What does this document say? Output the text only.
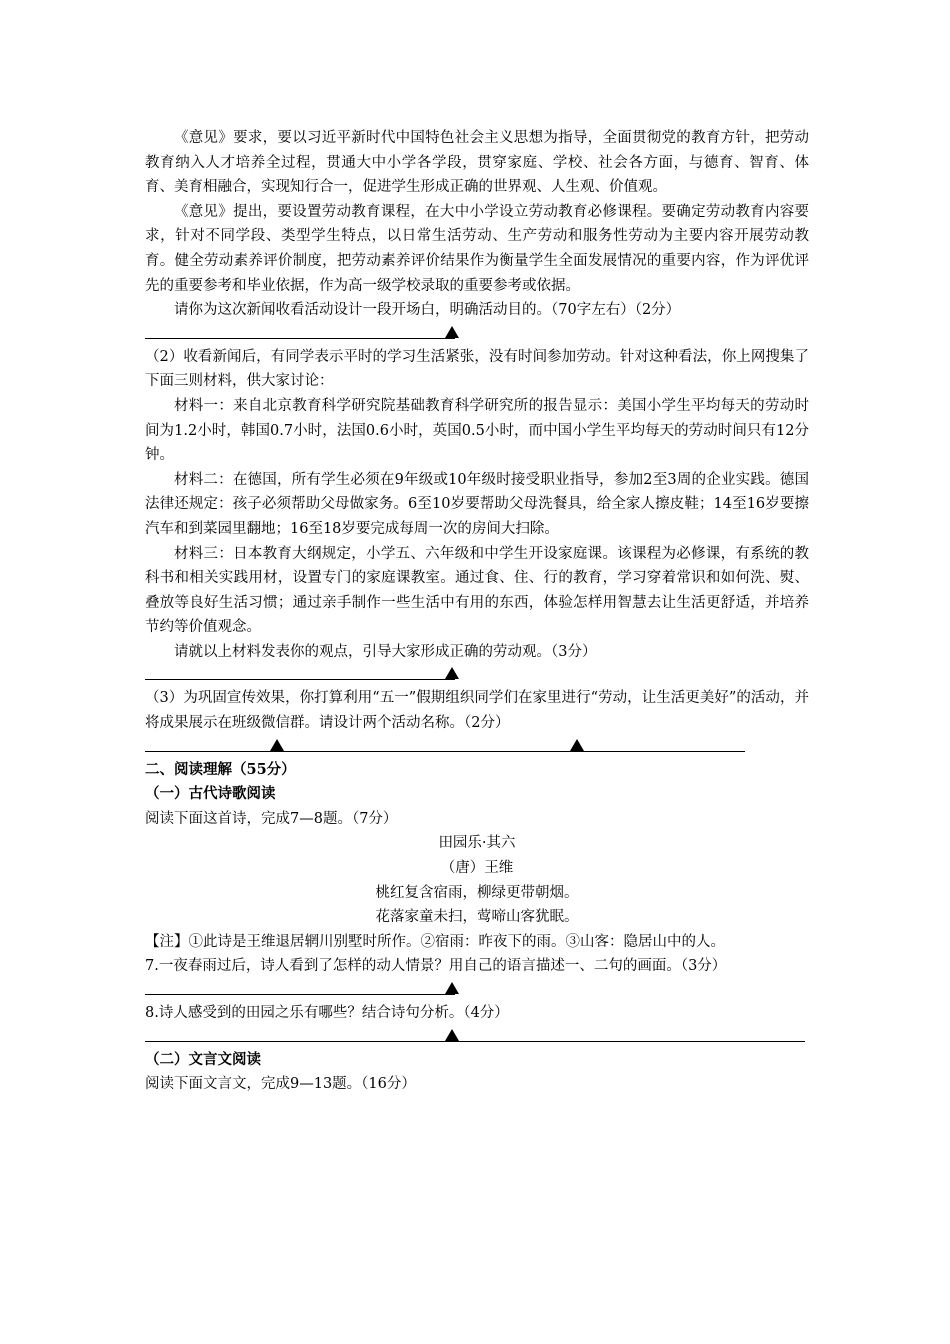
《意见》要求，要以习近平新时代中国特色社会主义思想为指导，全面贯彻党的教育方针，把劳动教育纳入人才培养全过程，贯通大中小学各学段，贯穿家庭、学校、社会各方面，与德育、智育、体育、美育相融合，实现知行合一，促进学生形成正确的世界观、人生观、价值观。

《意见》提出，要设置劳动教育课程，在大中小学设立劳动教育必修课程。要确定劳动教育内容要求，针对不同学段、类型学生特点，以日常生活劳动、生产劳动和服务性劳动为主要内容开展劳动教育。健全劳动素养评价制度，把劳动素养评价结果作为衡量学生全面发展情况的重要内容，作为评优评先的重要参考和毕业依据，作为高一级学校录取的重要参考或依据。

请你为这次新闻收看活动设计一段开场白，明确活动目的。（70字左右）（2分）

（2）收看新闻后，有同学表示平时的学习生活紧张，没有时间参加劳动。针对这种看法，你上网搜集了下面三则材料，供大家讨论：

材料一：来自北京教育科学研究院基础教育科学研究所的报告显示：美国小学生平均每天的劳动时间为1.2小时，韩国0.7小时，法国0.6小时，英国0.5小时，而中国小学生平均每天的劳动时间只有12分钟。

材料二：在德国，所有学生必须在9年级或10年级时接受职业指导，参加2至3周的企业实践。德国法律还规定：孩子必须帮助父母做家务。6至10岁要帮助父母洗餐具，给全家人擦皮鞋；14至16岁要擦汽车和到菜园里翻地；16至18岁要完成每周一次的房间大扫除。

材料三：日本教育大纲规定，小学五、六年级和中学生开设家庭课。该课程为必修课，有系统的教科书和相关实践用材，设置专门的家庭课教室。通过食、住、行的教育，学习穿着常识和如何洗、熨、叠放等良好生活习惯；通过亲手制作一些生活中有用的东西，体验怎样用智慧去让生活更舒适，并培养节约等价值观念。

请就以上材料发表你的观点，引导大家形成正确的劳动观。（3分）

（3）为巩固宣传效果，你打算利用“五一”假期组织同学们在家里进行“劳动，让生活更美好”的活动，并将成果展示在班级微信群。请设计两个活动名称。（2分）

二、阅读理解（55分）

（一）古代诗歌阅读

阅读下面这首诗，完成7—8题。（7分）

田园乐·其六

（唐）王维

桃红复含宿雨，柳绿更带朝烟。

花落家童未扫，莺啼山客犹眠。

【注】①此诗是王维退居辋川别墅时所作。②宿雨：昨夜下的雨。③山客：隐居山中的人。

7.一夜春雨过后，诗人看到了怎样的动人情景？用自己的语言描述一、二句的画面。（3分）

8.诗人感受到的田园之乐有哪些？结合诗句分析。（4分）

（二）文言文阅读

阅读下面文言文，完成9—13题。（16分）
